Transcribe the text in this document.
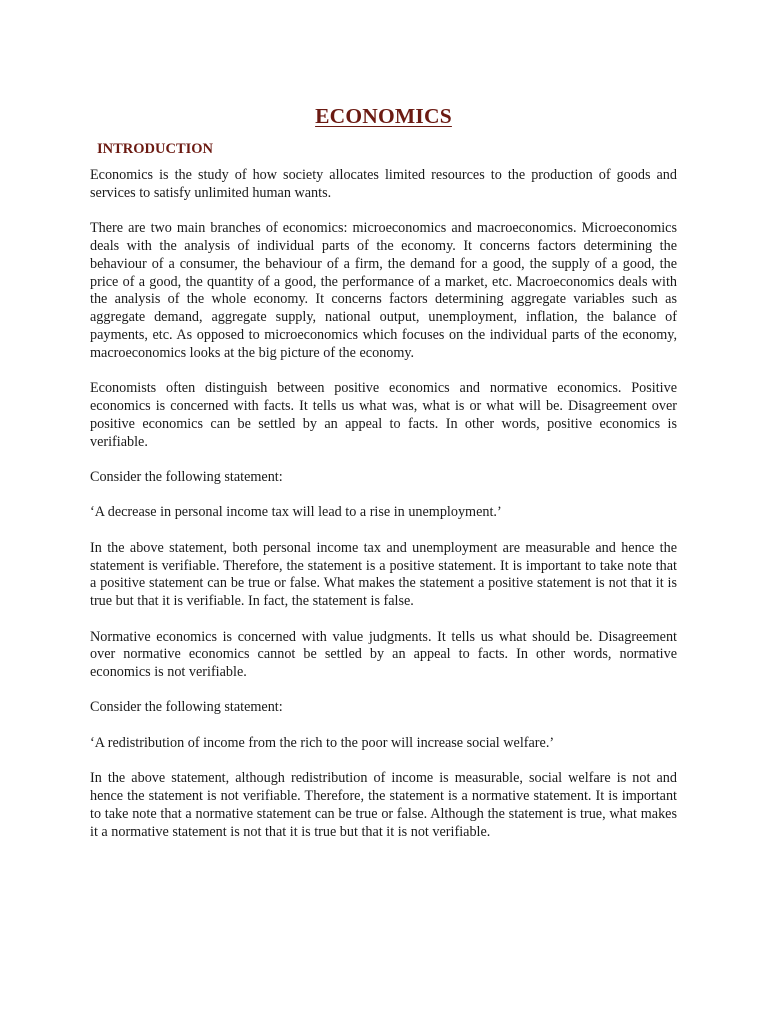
ECONOMICS
INTRODUCTION

Economics is the study of how society allocates limited resources to the production of goods and services to satisfy unlimited human wants.

There are two main branches of economics: microeconomics and macroeconomics. Microeconomics deals with the analysis of individual parts of the economy. It concerns factors determining the behaviour of a consumer, the behaviour of a firm, the demand for a good, the supply of a good, the price of a good, the quantity of a good, the performance of a market, etc. Macroeconomics deals with the analysis of the whole economy. It concerns factors determining aggregate variables such as aggregate demand, aggregate supply, national output, unemployment, inflation, the balance of payments, etc. As opposed to microeconomics which focuses on the individual parts of the economy, macroeconomics looks at the big picture of the economy.

Economists often distinguish between positive economics and normative economics. Positive economics is concerned with facts. It tells us what was, what is or what will be. Disagreement over positive economics can be settled by an appeal to facts. In other words, positive economics is verifiable.

Consider the following statement:

‘A decrease in personal income tax will lead to a rise in unemployment.’

In the above statement, both personal income tax and unemployment are measurable and hence the statement is verifiable. Therefore, the statement is a positive statement. It is important to take note that a positive statement can be true or false. What makes the statement a positive statement is not that it is true but that it is verifiable. In fact, the statement is false.

Normative economics is concerned with value judgments. It tells us what should be. Disagreement over normative economics cannot be settled by an appeal to facts. In other words, normative economics is not verifiable.

Consider the following statement:

‘A redistribution of income from the rich to the poor will increase social welfare.’

In the above statement, although redistribution of income is measurable, social welfare is not and hence the statement is not verifiable. Therefore, the statement is a normative statement. It is important to take note that a normative statement can be true or false. Although the statement is true, what makes it a normative statement is not that it is true but that it is not verifiable.
